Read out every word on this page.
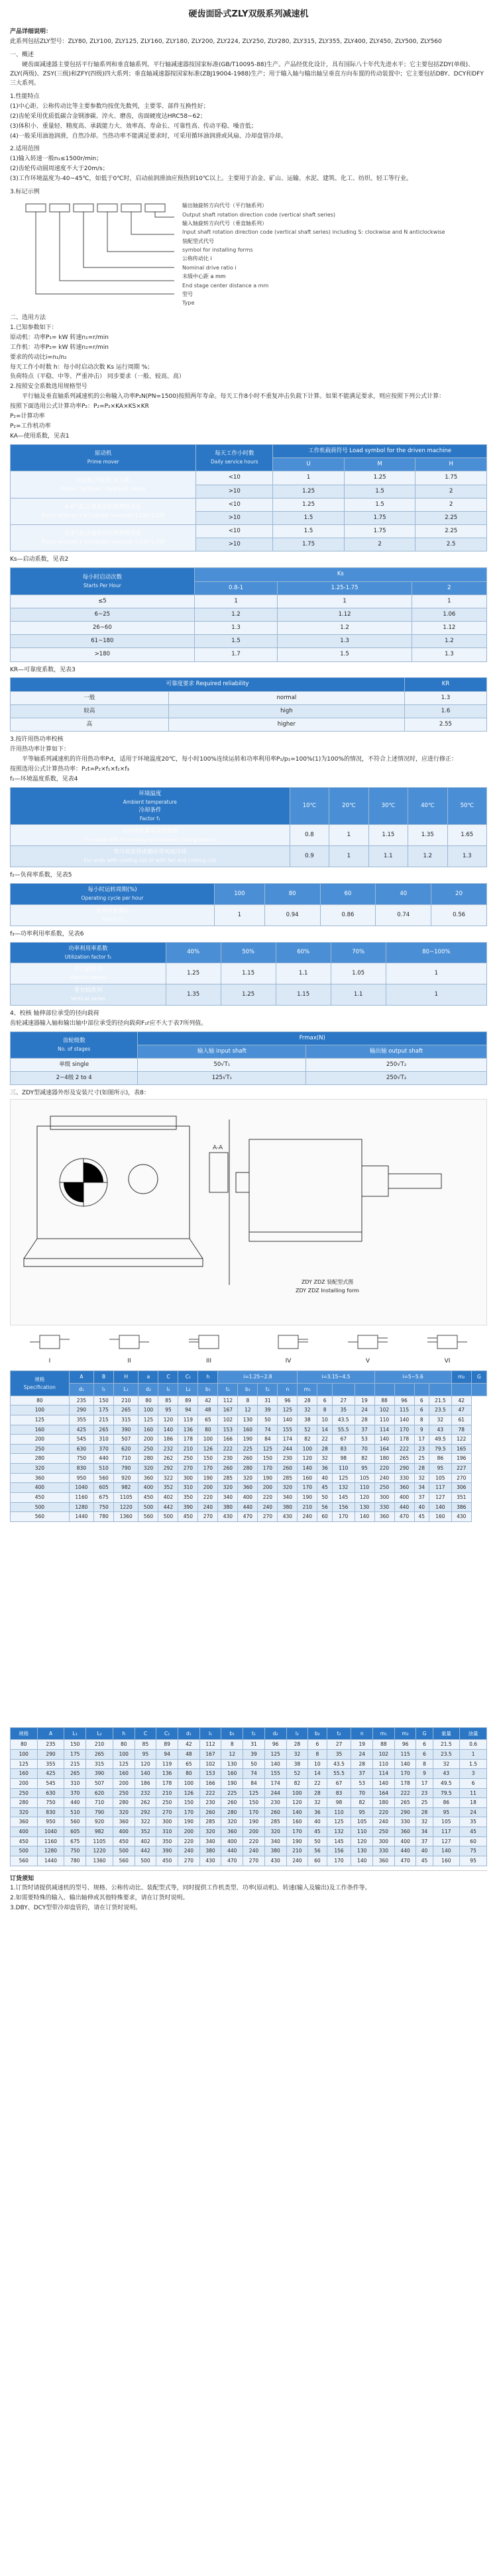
硬齿面卧式ZLY双级系列减速机

产品详细说明：

此系列包括ZLY型号：ZLY80, ZLY100, ZLY125, ZLY160, ZLY180, ZLY200, ZLY224, ZLY250, ZLY280, ZLY315, ZLY355, ZLY400, ZLY450, ZLY500, ZLY560

一、概述

硬齿面减速器主要包括平行轴系列和垂直轴系列。平行轴减速器按国家标准(GB/T10095-88)生产。产品经优化设计，具有国际八十年代先进水平；它主要包括ZDY(单级)、ZLY(两级)、ZSY(三级)和ZFY(四级)四大系列；垂直轴减速器按国家标准(ZBJ19004-1988)生产；用于输入轴与输出轴呈垂直方向布置的传动装置中；它主要包括DBY、DCY和DFY三大系列。

1.性能特点

(1)中心距、公称传动比等主要参数均按优先数列，主要零、部件互换性好；

(2)齿轮采用优质低碳合金钢渗碳、淬火、磨齿，齿面硬度达HRC58~62；

(3)体积小、重量轻、精度高、承载能力大、效率高、寿命长、可靠性高、传动平稳、噪音低；

(4)一般采用油池润滑，自然冷却。当热功率不能满足要求时，可采用循环油润滑或风扇、冷却盘管冷却。

2.适用范围

(1)输入转速一般n₁≤1500r/min；

(2)齿轮传动圆周速度不大于20m/s；

(3)工作环境温度为-40~45℃，如低于0℃时，启动前润滑油应预热到10℃以上。主要用于冶金、矿山、运输、水泥、建筑、化工、纺织、轻工等行业。

3.标记示例

输出轴旋转方向代号（平行轴系列）

Output shaft rotation direction code (vertical shaft series)

输入轴旋转方向代号（垂直轴系列）

Input shaft rotation direction code (vertical shaft series) including S: clockwise and N anticlockwise

装配型式代号

symbol for installing forms

公称传动比 i

Nominal drive ratio i

末级中心距 a mm

End stage center distance a mm

型号

Type

二、选用方法

1.已知参数如下：

原动机：功率P₁= kW 转速n₁=r/min

工作机：功率P₂= kW 转速n₂=r/min

要求的传动比i=n₁/n₂

每天工作小时数 h：每小时启动次数 Ks 运行周期 %；

负荷特点（平稳、中等、严重冲击） 同步要求（一般、较高、高）

2.按照安全系数选用规格型号

平行轴及垂直轴系列减速机的公称输入功率P₁N(PN=1500)按照两年寿命。每天工作8小时不重复冲击负载下计算。如果不能满足要求，则应按照下列公式计算：

按照下面选用公式计算功率P₂：P₂=P₂×KA×KS×KR

P₂=计算功率

P₂=工作机功率

KA—使用系数，见表1

原动机
Prime mover	每天工作小时数
Daily service hours	工作机载荷符号 Load symbol for the driven machine		
		U	M	H
电动机 汽轮机 水力机
Motor / Turbines / Hydraulic motor	<10	1	1.25	1.75
	>10	1.25	1.5	2
4-6气缸活塞发动机周期性变化
Piston engines 4-6 Cylinder variation 1:100-1:200	<10	1.25	1.5	2
	>10	1.5	1.75	2.25
1-3气缸活塞发动机周期性变化
Piston engines 1-3 Cylinder variation 1:100-1:200	<10	1.5	1.75	2.25
	>10	1.75	2	2.5

Ks—启动系数，见表2

每小时启动次数
Starts Per Hour	Ks		
	0.8-1	1.25-1.75	2
≤5	1	1	1
6~25	1.2	1.12	1.06
26~60	1.3	1.2	1.12
61~180	1.5	1.3	1.2
>180	1.7	1.5	1.3

KR—可靠度系数，见表3

可靠度要求 Required reliability		KR
一般	normal	1.3
较高	high	1.6
高	higher	2.55

3.按许用热功率校核

许用热功率计算如下：

平等轴系列减速机的许用热功率P₁t，适用于环境温度20℃，每小时100%连续运转和功率利用率P₁/p₁=100%(1)为100%的情况，不符合上述情况时，应进行修正：

按照选用公式计算热功率：P₂t=P₂×f₁×f₂×f₃

f₁—环境温度系数，见表4

环境温度
Ambient temperature
冷却条件
Factor f₁	10℃	20℃	30℃	40℃	50℃
无冷却装置及油池润滑
For units with no cooling and without cooling device	0.8	1	1.15	1.35	1.65
带冷却盘管或循环带风扇冷却
For units with cooling coil or with fan and cooling coil	0.9	1	1.1	1.2	1.3

f₂—负荷率系数，见表5

每小时运转周期(%)
Operating cycle per hour	100	80	60	40	20
负荷率系数f₂
Factor f₂	1	0.94	0.86	0.74	0.56

f₃—功率利用率系数，见表6

功率利用率系数
Utilization factor f₃	40%	50%	60%	70%	80~100%
平行轴系列
Parallel series	1.25	1.15	1.1	1.05	1
垂直轴系列
Vertical series	1.35	1.25	1.15	1.1	1

4、校核 轴伸部位承受的径向载荷

齿轮减速器输入轴和输出轴中部位承受的径向载荷F₁r应不大于表7所列值。

齿轮级数
No. of stages	Frmax(N)	
	输入轴 input shaft	输出轴 output shaft
单级 single	50√T₁	250√T₂
2~4级 2 to 4	125√T₁	250√T₂

三、ZDY型减速器外形及安装尺寸(如图所示)，表8：

A-A
ZDY ZDZ 装配型式图
ZDY ZDZ Installing form
I	II	III	IV	V	VI
规格
Specification	A	B	H	a	C	C₁	h	i=1.25~2.8				i=3.15~4.5				i=5~5.6				m₂	G
	d₁	l₁	L₁	d₂	l₂	L₂	b₁	t₁	b₂	t₂	n	m₁									
80	235	150	210	80	85	89	42	112	8	31	96	28	6	27	19	88	96	6	21.5	42	
100	290	175	265	100	95	94	48	167	12	39	125	32	8	35	24	102	115	6	23.5	47	
125	355	215	315	125	120	119	65	102	130	50	140	38	10	43.5	28	110	140	8	32	61	
160	425	265	390	160	140	136	80	153	160	74	155	52	14	55.5	37	114	170	9	43	78	
200	545	310	507	200	186	178	100	166	190	84	174	82	22	67	53	140	178	17	49.5	122	
250	630	370	620	250	232	210	126	222	225	125	244	100	28	83	70	164	222	23	79.5	165	
280	750	440	710	280	262	250	150	230	260	150	230	120	32	98	82	180	265	25	86	196	
320	830	510	790	320	292	270	170	260	280	170	260	140	36	110	95	220	290	28	95	227	
360	950	560	920	360	322	300	190	285	320	190	285	160	40	125	105	240	330	32	105	270	
400	1040	605	982	400	352	310	200	320	360	200	320	170	45	132	110	250	360	34	117	306	
450	1160	675	1105	450	402	350	220	340	400	220	340	190	50	145	120	300	400	37	127	351	
500	1280	750	1220	500	442	390	240	380	440	240	380	210	56	156	130	330	440	40	140	386	
560	1440	780	1360	560	500	450	270	430	470	270	430	240	60	170	140	360	470	45	160	430	
规格	A	L₁	L₂	h	C	C₁	d₁	l₁	b₁	t₁	d₂	l₂	b₂	t₂	n	m₁	m₂	G	重量	油量
80	235	150	210	80	85	89	42	112	8	31	96	28	6	27	19	88	96	6	21.5	0.6
100	290	175	265	100	95	94	48	167	12	39	125	32	8	35	24	102	115	6	23.5	1
125	355	215	315	125	120	119	65	102	130	50	140	38	10	43.5	28	110	140	8	32	1.5
160	425	265	390	160	140	136	80	153	160	74	155	52	14	55.5	37	114	170	9	43	3
200	545	310	507	200	186	178	100	166	190	84	174	82	22	67	53	140	178	17	49.5	6
250	630	370	620	250	232	210	126	222	225	125	244	100	28	83	70	164	222	23	79.5	11
280	750	440	710	280	262	250	150	230	260	150	230	120	32	98	82	180	265	25	86	18
320	830	510	790	320	292	270	170	260	280	170	260	140	36	110	95	220	290	28	95	24
360	950	560	920	360	322	300	190	285	320	190	285	160	40	125	105	240	330	32	105	35
400	1040	605	982	400	352	310	200	320	360	200	320	170	45	132	110	250	360	34	117	45
450	1160	675	1105	450	402	350	220	340	400	220	340	190	50	145	120	300	400	37	127	60
500	1280	750	1220	500	442	390	240	380	440	240	380	210	56	156	130	330	440	40	140	75
560	1440	780	1360	560	500	450	270	430	470	270	430	240	60	170	140	360	470	45	160	95

订货须知

1.订货时请提供减速机的型号、规格、公称传动比、装配型式等，同时提供工作机类型、功率(原动机)、转速(输入及输出)及工作条件等。

2.如需要特殊的输入、输出轴伸或其他特殊要求，请在订货时说明。

3.DBY、DCY型带冷却盘管的，请在订货时说明。
